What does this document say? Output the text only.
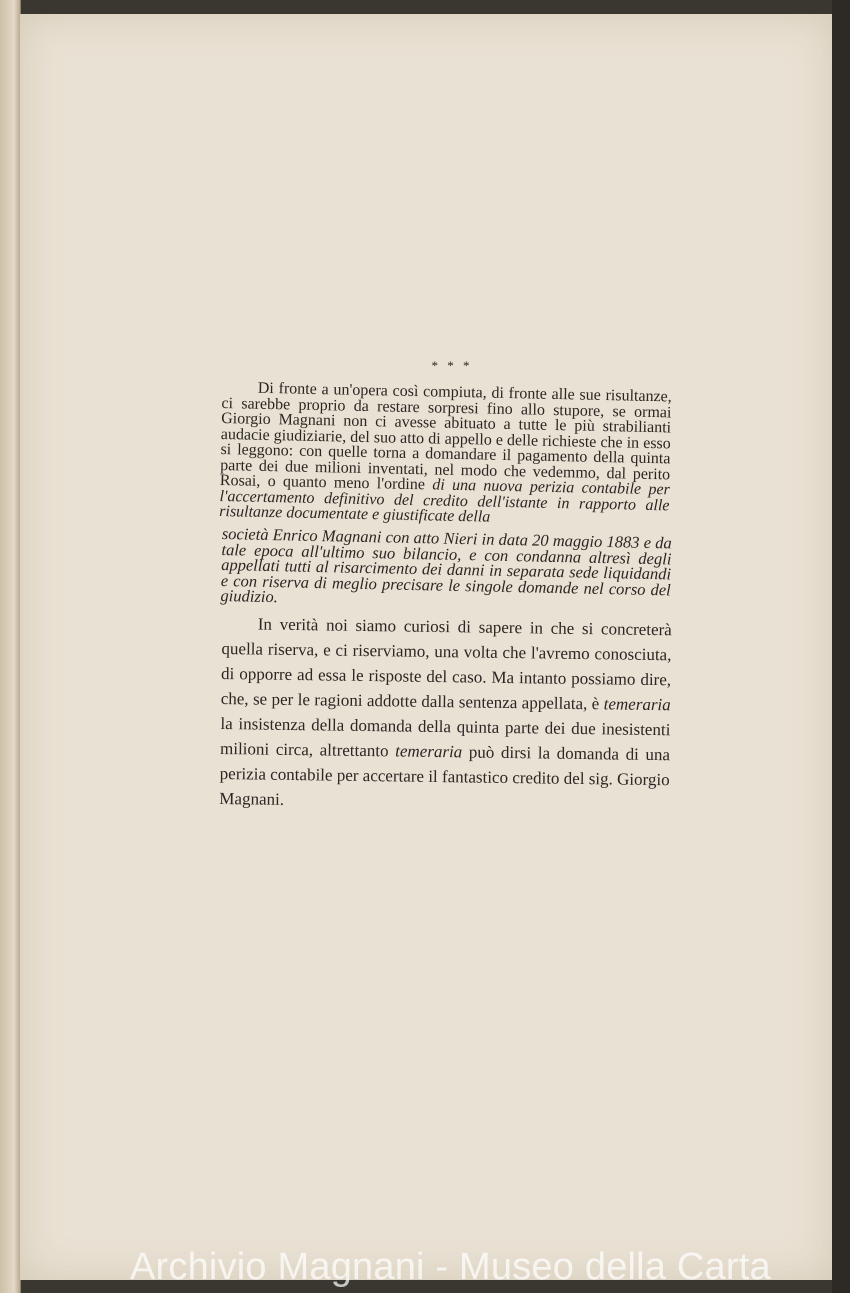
* * *

Di fronte a un'opera così compiuta, di fronte alle sue risultanze, ci sarebbe proprio da restare sorpresi fino allo stupore, se ormai Giorgio Magnani non ci avesse abituato a tutte le più strabilianti audacie giudiziarie, del suo atto di appello e delle richieste che in esso si leggono: con quelle torna a domandare il pagamento della quinta parte dei due milioni inventati, nel modo che vedemmo, dal perito Rosai, o quanto meno l'ordine di una nuova perizia contabile per l'accertamento definitivo del credito dell'istante in rapporto alle risultanze documentate e giustificate della

società Enrico Magnani con atto Nieri in data 20 maggio 1883 e da tale epoca all'ultimo suo bilancio, e con condanna altresì degli appellati tutti al risarcimento dei danni in separata sede liquidandi e con riserva di meglio precisare le singole domande nel corso del giudizio.

In verità noi siamo curiosi di sapere in che si concreterà quella riserva, e ci riserviamo, una volta che l'avremo conosciuta, di opporre ad essa le risposte del caso. Ma intanto possiamo dire, che, se per le ragioni addotte dalla sentenza appellata, è temeraria la insistenza della domanda della quinta parte dei due inesistenti milioni circa, altrettanto temeraria può dirsi la domanda di una perizia contabile per accertare il fantastico credito del sig. Giorgio Magnani.

Archivio Magnani - Museo della Carta
